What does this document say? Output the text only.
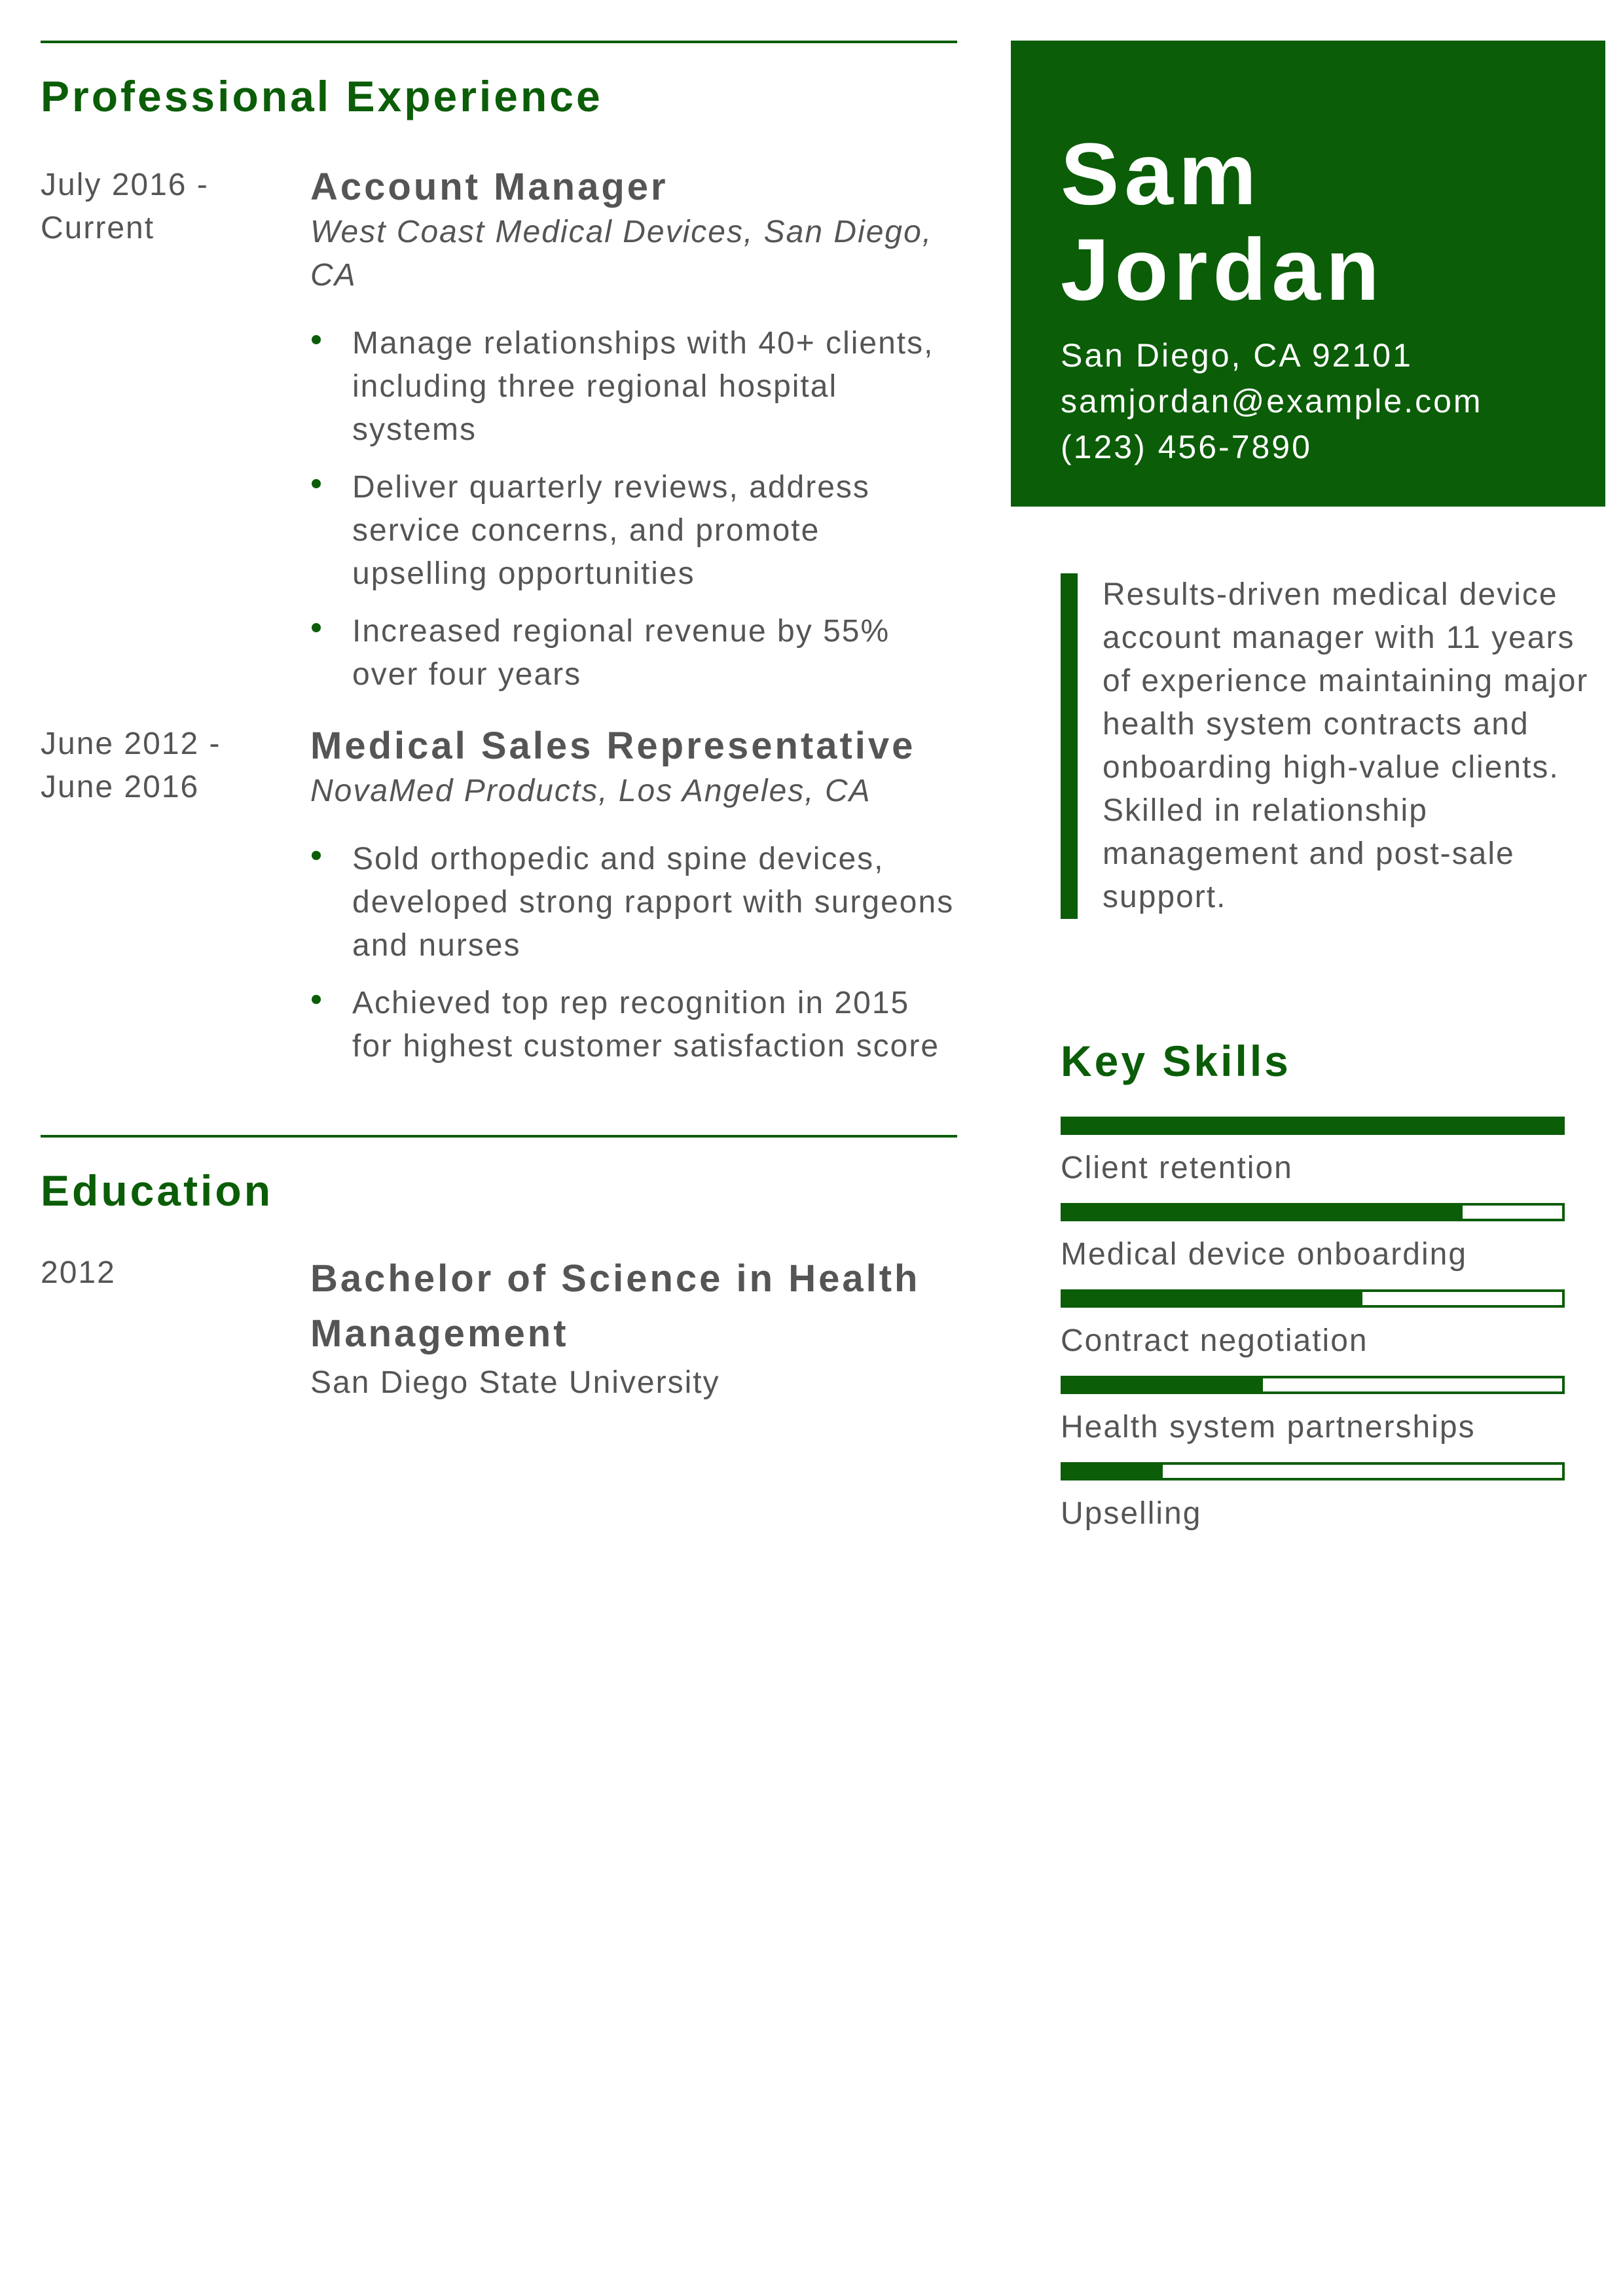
Professional Experience
July 2016 -
Current
Account Manager
West Coast Medical Devices, San Diego, CA
Manage relationships with 40+ clients, including three regional hospital systems
Deliver quarterly reviews, address service concerns, and promote upselling opportunities
Increased regional revenue by 55% over four years
June 2012 -
June 2016
Medical Sales Representative
NovaMed Products, Los Angeles, CA
Sold orthopedic and spine devices, developed strong rapport with surgeons and nurses
Achieved top rep recognition in 2015 for highest customer satisfaction score
Education
2012	Bachelor of Science in Health Management
San Diego State University
Sam
Jordan
San Diego, CA 92101
samjordan@example.com
(123) 456-7890
Results-driven medical device account manager with 11 years of experience maintaining major health system contracts and onboarding high-value clients. Skilled in relationship management and post-sale support.
Key Skills
Client retention
Medical device onboarding
Contract negotiation
Health system partnerships
Upselling
